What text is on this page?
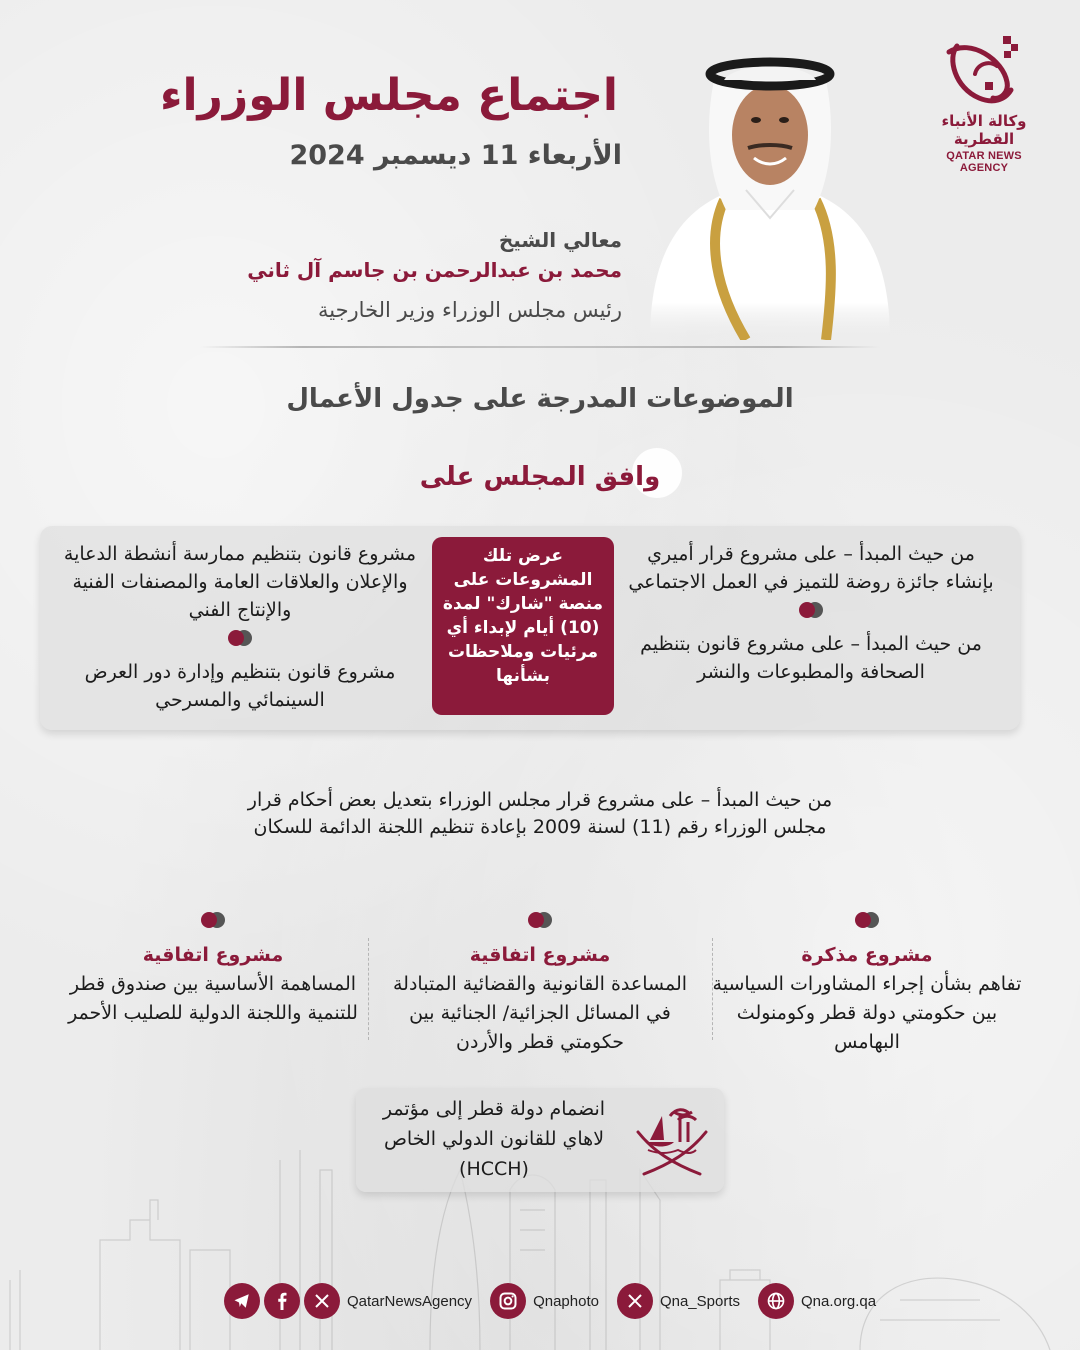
وكالة الأنباء القطرية
QATAR NEWS AGENCY
اجتماع مجلس الوزراء
الأربعاء 11 ديسمبر 2024
معالي الشيخ
محمد بن عبدالرحمن بن جاسم آل ثاني
رئيس مجلس الوزراء وزير الخارجية
الموضوعات المدرجة على جدول الأعمال
وافق المجلس على
من حيث المبدأ – على مشروع قرار أميري بإنشاء جائزة روضة للتميز في العمل الاجتماعي
من حيث المبدأ – على مشروع قانون بتنظيم الصحافة والمطبوعات والنشر
مشروع قانون بتنظيم ممارسة أنشطة الدعاية والإعلان والعلاقات العامة والمصنفات الفنية والإنتاج الفني
مشروع قانون بتنظيم وإدارة دور العرض السينمائي والمسرحي
عرض تلك المشروعات على منصة "شارك" لمدة (10) أيام لإبداء أي مرئيات وملاحظات بشأنها
من حيث المبدأ – على مشروع قرار مجلس الوزراء بتعديل بعض أحكام قرار مجلس الوزراء رقم (11) لسنة 2009 بإعادة تنظيم اللجنة الدائمة للسكان
مشروع مذكرة
تفاهم بشأن إجراء المشاورات السياسية بين حكومتي دولة قطر وكومنولث البهامس
مشروع اتفاقية
المساعدة القانونية والقضائية المتبادلة في المسائل الجزائية/ الجنائية بين حكومتي قطر والأردن
مشروع اتفاقية
المساهمة الأساسية بين صندوق قطر للتنمية واللجنة الدولية للصليب الأحمر
انضمام دولة قطر إلى مؤتمر لاهاي للقانون الدولي الخاص (HCCH)
QatarNewsAgency	Qnaphoto	Qna_Sports	Qna.org.qa
